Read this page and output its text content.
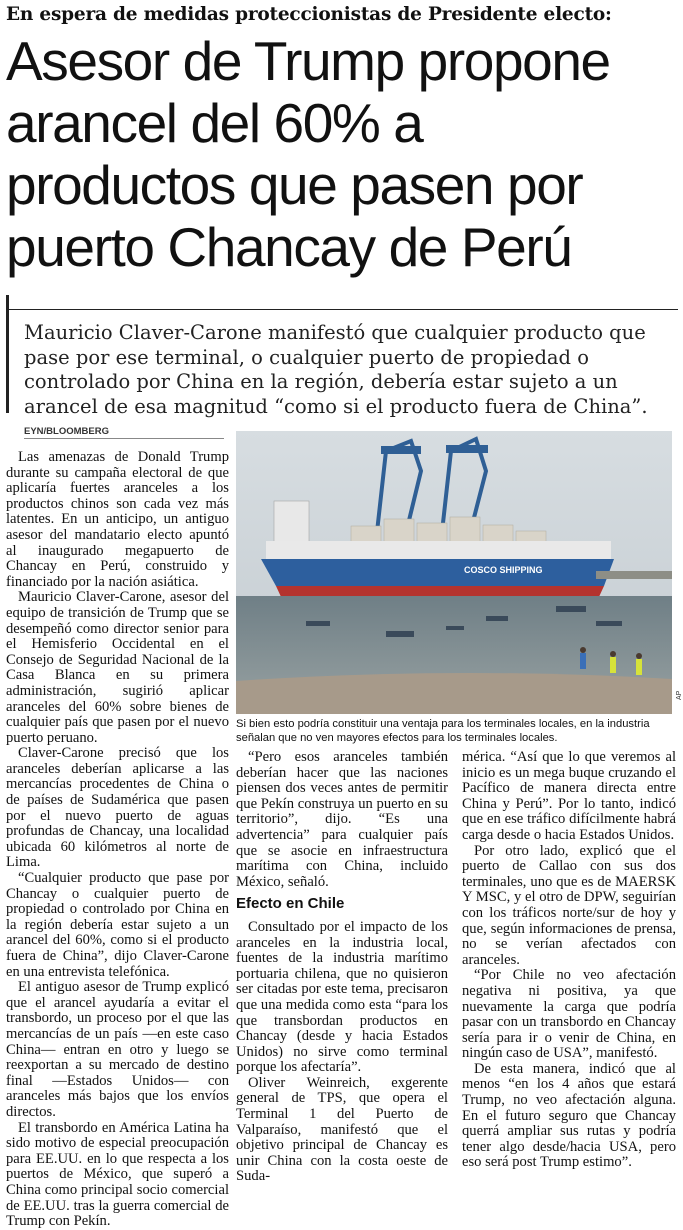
En espera de medidas proteccionistas de Presidente electo:
Asesor de Trump propone
arancel del 60% a
productos que pasen por
puerto Chancay de Perú
Mauricio Claver-Carone manifestó que cualquier producto que pase por ese terminal, o cualquier puerto de propiedad o controlado por China en la región, debería estar sujeto a un arancel de esa magnitud “como si el producto fuera de China”.
EYN/BLOOMBERG

Las amenazas de Donald Trump durante su campaña electoral de que aplicaría fuertes aranceles a los productos chinos son cada vez más latentes. En un anticipo, un antiguo asesor del mandatario electo apuntó al inaugurado megapuerto de Chancay en Perú, construido y financiado por la nación asiática.

Mauricio Claver-Carone, asesor del equipo de transición de Trump que se desempeñó como director senior para el Hemisferio Occidental en el Consejo de Seguridad Nacional de la Casa Blanca en su primera administración, sugirió aplicar aranceles del 60% sobre bienes de cualquier país que pasen por el nuevo puerto peruano.

Claver-Carone precisó que los aranceles deberían aplicarse a las mercancías procedentes de China o de países de Sudamérica que pasen por el nuevo puerto de aguas profundas de Chancay, una localidad ubicada 60 kilómetros al norte de Lima.

“Cualquier producto que pase por Chancay o cualquier puerto de propiedad o controlado por China en la región debería estar sujeto a un arancel del 60%, como si el producto fuera de China”, dijo Claver-Carone en una entrevista telefónica.

El antiguo asesor de Trump explicó que el arancel ayudaría a evitar el transbordo, un proceso por el que las mercancías de un país —en este caso China— entran en otro y luego se reexportan a su mercado de destino final —Estados Unidos— con aranceles más bajos que los envíos directos.

El transbordo en América Latina ha sido motivo de especial preocupación para EE.UU. en lo que respecta a los puertos de México, que superó a China como principal socio comercial de EE.UU. tras la guerra comercial de Trump con Pekín.

COSCO SHIPPING
AP
Si bien esto podría constituir una ventaja para los terminales locales, en la industria señalan que no ven mayores efectos para los terminales locales.

“Pero esos aranceles también deberían hacer que las naciones piensen dos veces antes de permitir que Pekín construya un puerto en su territorio”, dijo. “Es una advertencia” para cualquier país que se asocie en infraestructura marítima con China, incluido México, señaló.

Efecto en Chile

Consultado por el impacto de los aranceles en la industria local, fuentes de la industria marítimo portuaria chilena, que no quisieron ser citadas por este tema, precisaron que una medida como esta “para los que transbordan productos en Chancay (desde y hacia Estados Unidos) no sirve como terminal porque los afectaría”.

Oliver Weinreich, exgerente general de TPS, que opera el Terminal 1 del Puerto de Valparaíso, manifestó que el objetivo principal de Chancay es unir China con la costa oeste de Suda-

mérica. “Así que lo que veremos al inicio es un mega buque cruzando el Pacífico de manera directa entre China y Perú”. Por lo tanto, indicó que en ese tráfico difícilmente habrá carga desde o hacia Estados Unidos.

Por otro lado, explicó que el puerto de Callao con sus dos terminales, uno que es de MAERSK Y MSC, y el otro de DPW, seguirían con los tráficos norte/sur de hoy y que, según informaciones de prensa, no se verían afectados con aranceles.

“Por Chile no veo afectación negativa ni positiva, ya que nuevamente la carga que podría pasar con un transbordo en Chancay sería para ir o venir de China, en ningún caso de USA”, manifestó.

De esta manera, indicó que al menos “en los 4 años que estará Trump, no veo afectación alguna. En el futuro seguro que Chancay querrá ampliar sus rutas y podría tener algo desde/hacia USA, pero eso será post Trump estimo”.
